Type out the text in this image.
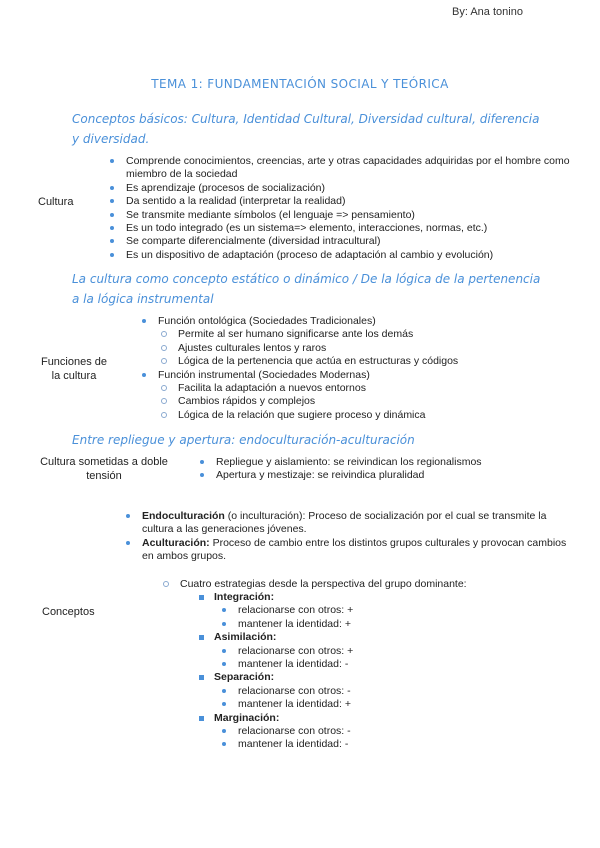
By: Ana tonino
TEMA 1: FUNDAMENTACIÓN SOCIAL Y TEÓRICA
Conceptos básicos: Cultura, Identidad Cultural, Diversidad cultural, diferencia y diversidad.
Cultura
Comprende conocimientos, creencias, arte y otras capacidades adquiridas por el hombre como miembro de la sociedad
Es aprendizaje (procesos de socialización)
Da sentido a la realidad (interpretar la realidad)
Se transmite mediante símbolos (el lenguaje => pensamiento)
Es un todo integrado (es un sistema=> elemento, interacciones, normas, etc.)
Se comparte diferencialmente (diversidad intracultural)
Es un dispositivo de adaptación (proceso de adaptación al cambio y evolución)
La cultura como concepto estático o dinámico / De la lógica de la pertenencia a la lógica instrumental
Funciones de
la cultura
Función ontológica (Sociedades Tradicionales)
Permite al ser humano significarse ante los demás
Ajustes culturales lentos y raros
Lógica de la pertenencia que actúa en estructuras y códigos
Función instrumental (Sociedades Modernas)
Facilita la adaptación a nuevos entornos
Cambios rápidos y complejos
Lógica de la relación que sugiere proceso y dinámica
Entre repliegue y apertura: endoculturación-aculturación
Cultura sometidas a doble
tensión
Repliegue y aislamiento: se reivindican los regionalismos
Apertura y mestizaje: se reivindica pluralidad
Conceptos
Endoculturación (o inculturación): Proceso de socialización por el cual se transmite la cultura a las generaciones jóvenes.
Aculturación: Proceso de cambio entre los distintos grupos culturales y provocan cambios en ambos grupos.
Cuatro estrategias desde la perspectiva del grupo dominante:
Integración:
relacionarse con otros: +
mantener la identidad: +
Asimilación:
relacionarse con otros: +
mantener la identidad: -
Separación:
relacionarse con otros: -
mantener la identidad: +
Marginación:
relacionarse con otros: -
mantener la identidad: -
